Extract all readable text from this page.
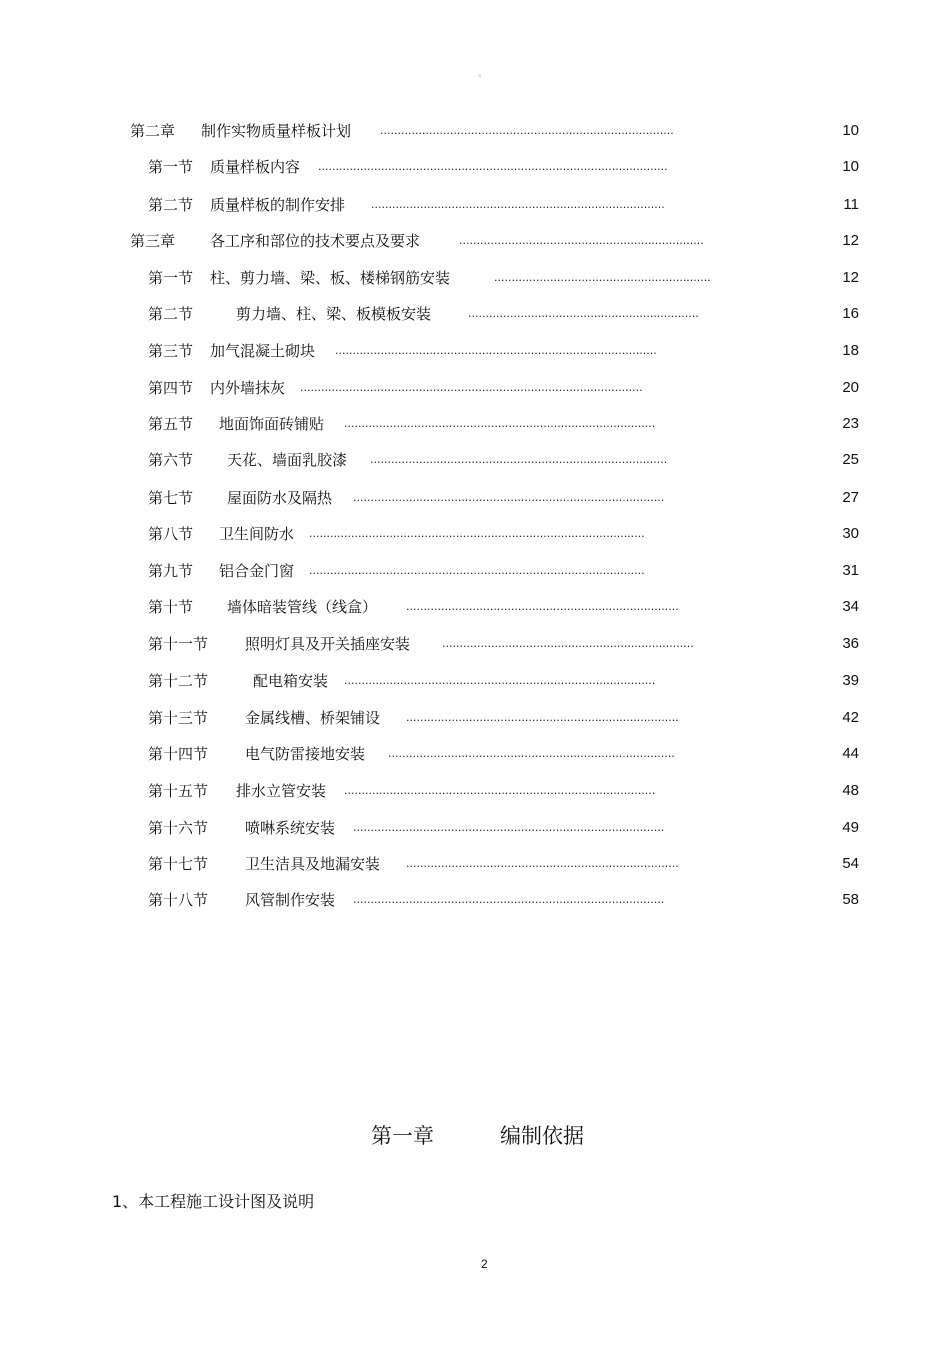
。
第二章 制作实物质量样板计划	....................................................................................	10
第一节 质量样板内容 ....................................................................................................	10
第二节 质量样板的制作安排 ....................................................................................	11
第三章 各工序和部位的技术要点及要求	......................................................................	12
第一节 柱、剪力墙、梁、板、楼梯钢筋安装	..............................................................	12
第二节	剪力墙、柱、梁、板模板安装	..................................................................	16
第三节 加气混凝土砌块 ............................................................................................	18
第四节 内外墙抹灰 ..................................................................................................	20
第五节 地面饰面砖铺贴 .........................................................................................	23
第六节 天花、墙面乳胶漆 .....................................................................................	25
第七节 屋面防水及隔热 .........................................................................................	27
第八节 卫生间防水 ................................................................................................	30
第九节 铝合金门窗 ................................................................................................	31
第十节 墙体暗装管线（线盒）	..............................................................................	34
第十一节 照明灯具及开关插座安装	........................................................................	36
第十二节	配电箱安装 .........................................................................................	39
第十三节 金属线槽、桥架铺设 ..............................................................................	42
第十四节 电气防雷接地安装 ..................................................................................	44
第十五节 排水立管安装 .........................................................................................	48
第十六节 喷啉系统安装 .........................................................................................	49
第十七节 卫生洁具及地漏安装 ..............................................................................	54
第十八节 风管制作安装 .........................................................................................	58
第一章	编制依据
1、本工程施工设计图及说明
2
